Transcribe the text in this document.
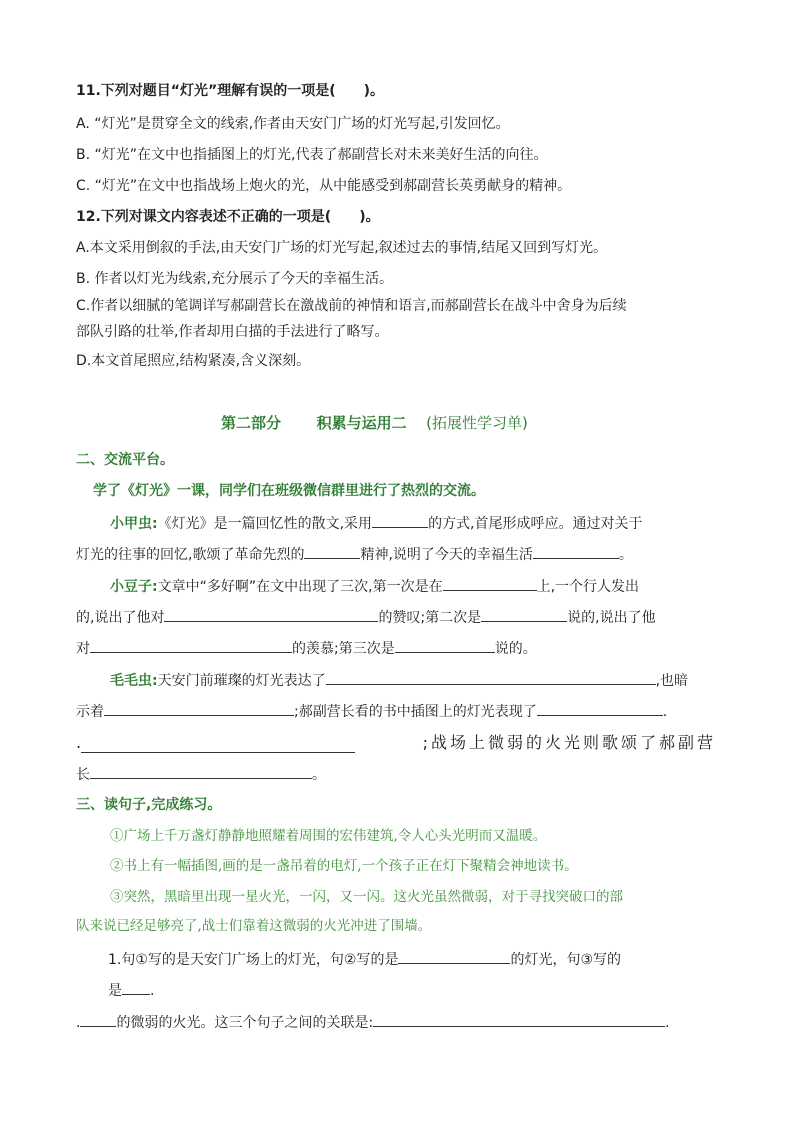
11.下列对题目“灯光”理解有误的一项是(　　)。
A. “灯光”是贯穿全文的线索,作者由天安门广场的灯光写起,引发回忆。
B. “灯光”在文中也指插图上的灯光,代表了郝副营长对未来美好生活的向往。
C. “灯光”在文中也指战场上炮火的光，从中能感受到郝副营长英勇献身的精神。
12.下列对课文内容表述不正确的一项是(　　)。
A.本文采用倒叙的手法,由天安门广场的灯光写起,叙述过去的事情,结尾又回到写灯光。
B. 作者以灯光为线索,充分展示了今天的幸福生活。
C.作者以细腻的笔调详写郝副营长在激战前的神情和语言,而郝副营长在战斗中舍身为后续
部队引路的壮举,作者却用白描的手法进行了略写。
D.本文首尾照应,结构紧凑,含义深刻。
第二部分 积累与运用二 (拓展性学习单)
二、交流平台。
学了《灯光》一课，同学们在班级微信群里进行了热烈的交流。
小甲虫:《灯光》是一篇回忆性的散文,采用	的方式,首尾形成呼应。通过对关于
灯光的往事的回忆,歌颂了革命先烈的	精神,说明了今天的幸福生活	。
小豆子:文章中“多好啊”在文中出现了三次,第一次是在	上,一个行人发出
的,说出了他对	的赞叹;第二次是	说的,说出了他
对	的羡慕;第三次是	说的。
毛毛虫:天安门前璀璨的灯光表达了	,也暗
示着	;郝副营长看的书中插图上的灯光表现了	.
.	;战场上微弱的火光则歌颂了郝副营
长	。
三、读句子,完成练习。
①广场上千万盏灯静静地照耀着周围的宏伟建筑,令人心头光明而又温暖。
②书上有一幅插图,画的是一盏吊着的电灯,一个孩子正在灯下聚精会神地读书。
③突然，黑暗里出现一星火光，一闪，又一闪。这火光虽然微弱，对于寻找突破口的部
队来说已经足够亮了,战士们靠着这微弱的火光冲进了围墙。
1.句①写的是天安门广场上的灯光，句②写的是	的灯光，句③写的
是 .
.	的微弱的火光。这三个句子之间的关联是:	.
